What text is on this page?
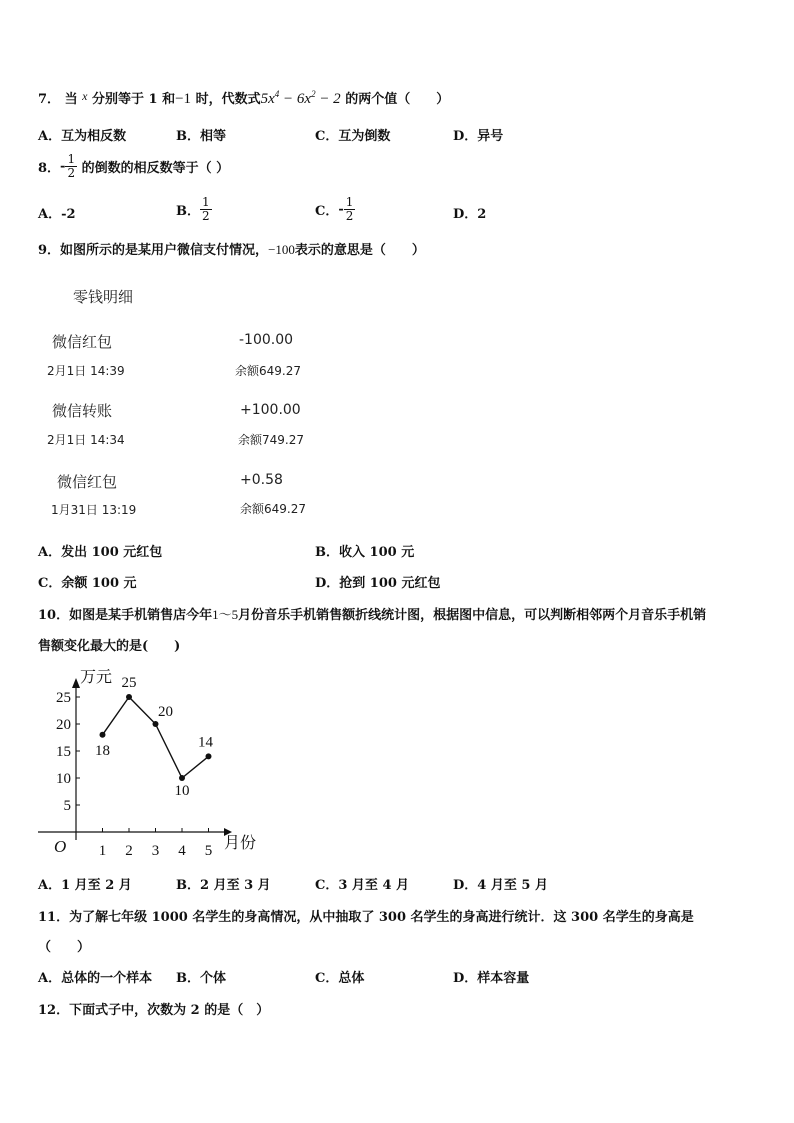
7． 当 x 分别等于 1 和−1 时，代数式$5x^4 - 6x^2 - 2$ 的两个值（　　）
A．互为相反数	B．相等	C．互为倒数	D．异号
8．- $\frac{1}{2}$ 的倒数的相反数等于（ ）
A．-2	B． $\frac{1}{2}$	C．- $\frac{1}{2}$	D．2
9．如图所示的是某用户微信支付情况，−100表示的意思是（　　）
零钱明细
微信红包	-100.00
2月1日 14:39	余额649.27
微信转账	+100.00
2月1日 14:34	余额749.27
微信红包	+0.58
1月31日 13:19	余额649.27
A．发出 100 元红包	B．收入 100 元
C．余额 100 元	D．抢到 100 元红包
10．如图是某手机销售店今年1～5月份音乐手机销售额折线统计图，根据图中信息，可以判断相邻两个月音乐手机销
售额变化最大的是(　　)
万元
月份
O
5
10
15
20
25
1 2 3 4 5
18
25
20
10
14
A．1 月至 2 月	B．2 月至 3 月	C．3 月至 4 月	D．4 月至 5 月
11．为了解七年级 1000 名学生的身高情况，从中抽取了 300 名学生的身高进行统计．这 300 名学生的身高是
（　　）
A．总体的一个样本 B．个体	C．总体	D．样本容量
12．下面式子中，次数为 2 的是（　）
